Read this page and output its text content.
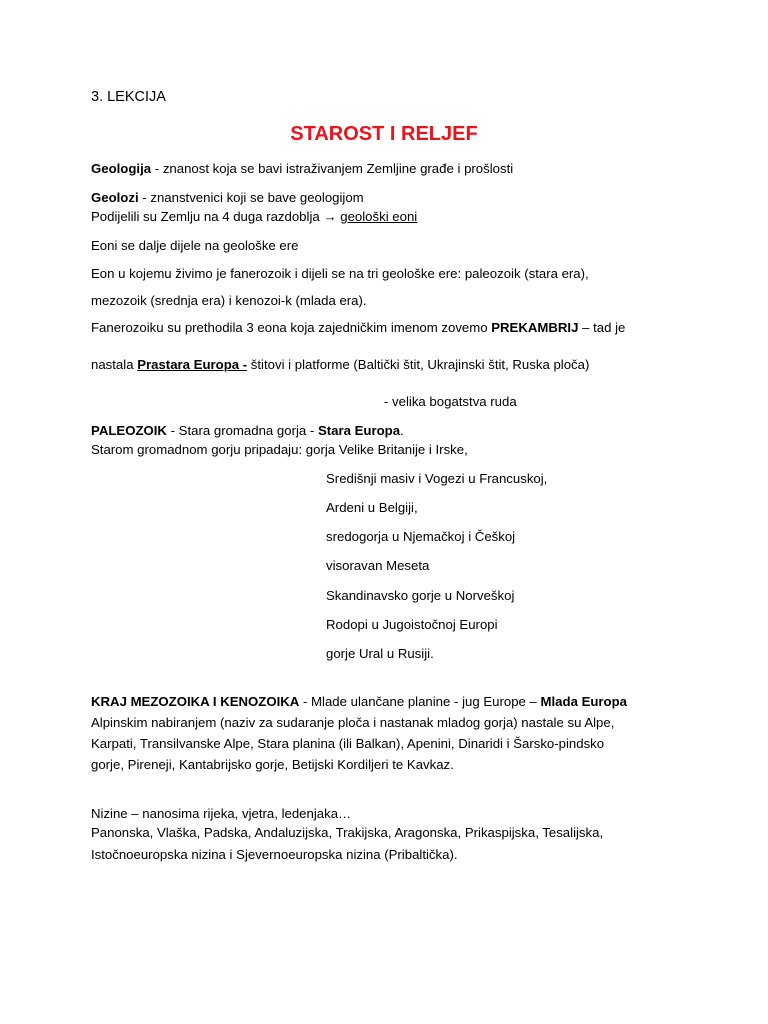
3. LEKCIJA
STAROST I RELJEF
Geologija - znanost koja se bavi istraživanjem Zemljine građe i prošlosti
Geolozi - znanstvenici koji se bave geologijom
Podijelili su Zemlju na 4 duga razdoblja → geološki eoni
Eoni se dalje dijele na geološke ere
Eon u kojemu živimo je fanerozoik i dijeli se na tri geološke ere: paleozoik (stara era),
mezozoik (srednja era) i kenozoi-k (mlada era).
Fanerozoiku su prethodila 3 eona koja zajedničkim imenom zovemo PREKAMBRIJ – tad je
nastala Prastara Europa - štitovi i platforme (Baltički štit, Ukrajinski štit, Ruska ploča)
- velika bogatstva ruda
PALEOZOIK - Stara gromadna gorja - Stara Europa.
Starom gromadnom gorju pripadaju: gorja Velike Britanije i Irske,
Središnji masiv i Vogezi u Francuskoj,
Ardeni u Belgiji,
sredogorja u Njemačkoj i Češkoj
visoravan Meseta
Skandinavsko gorje u Norveškoj
Rodopi u Jugoistočnoj Europi
gorje Ural u Rusiji.
KRAJ MEZOZOIKA I KENOZOIKA - Mlade ulančane planine - jug Europe – Mlada Europa
Alpinskim nabiranjem (naziv za sudaranje ploča i nastanak mladog gorja) nastale su Alpe,
Karpati, Transilvanske Alpe, Stara planina (ili Balkan), Apenini, Dinaridi i Šarsko-pindsko
gorje, Pireneji, Kantabrijsko gorje, Betijski Kordiljeri te Kavkaz.
Nizine – nanosima rijeka, vjetra, ledenjaka…
Panonska, Vlaška, Padska, Andaluzijska, Trakijska, Aragonska, Prikaspijska, Tesalijska,
Istočnoeuropska nizina i Sjevernoeuropska nizina (Pribaltička).
